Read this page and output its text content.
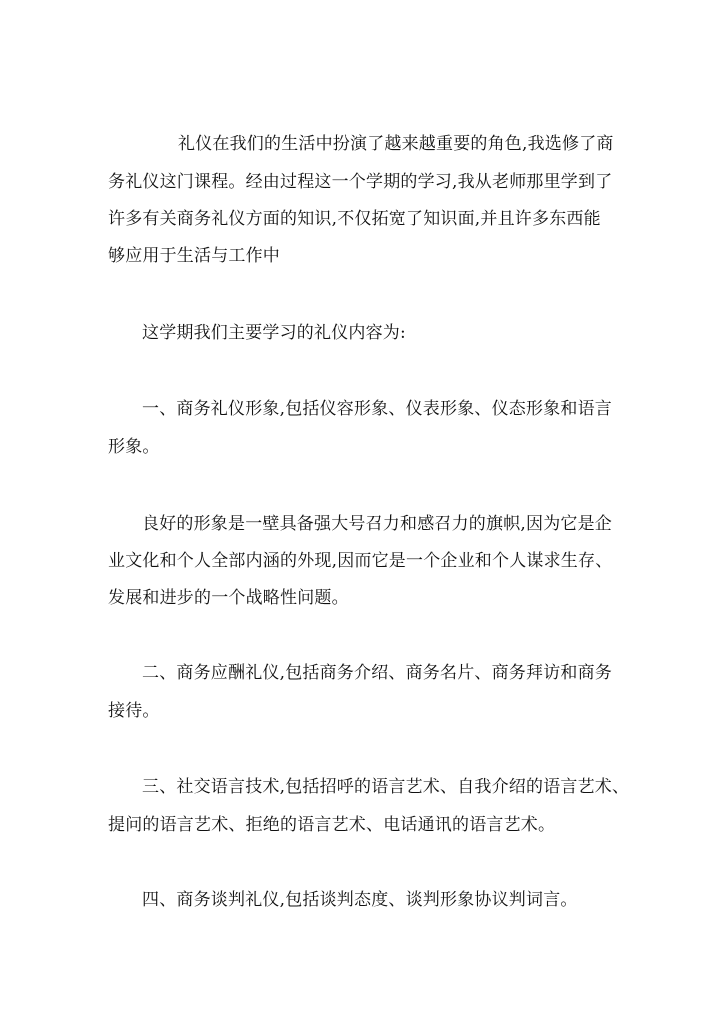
礼仪在我们的生活中扮演了越来越重要的角色,我选修了商
务礼仪这门课程。经由过程这一个学期的学习,我从老师那里学到了
许多有关商务礼仪方面的知识,不仅拓宽了知识面,并且许多东西能
够应用于生活与工作中
这学期我们主要学习的礼仪内容为:
一、商务礼仪形象,包括仪容形象、仪表形象、仪态形象和语言
形象。
良好的形象是一壁具备强大号召力和感召力的旗帜,因为它是企
业文化和个人全部内涵的外现,因而它是一个企业和个人谋求生存、
发展和进步的一个战略性问题。
二、商务应酬礼仪,包括商务介绍、商务名片、商务拜访和商务
接待。
三、社交语言技术,包括招呼的语言艺术、自我介绍的语言艺术、
提问的语言艺术、拒绝的语言艺术、电话通讯的语言艺术。
四、商务谈判礼仪,包括谈判态度、谈判形象协议判词言。
